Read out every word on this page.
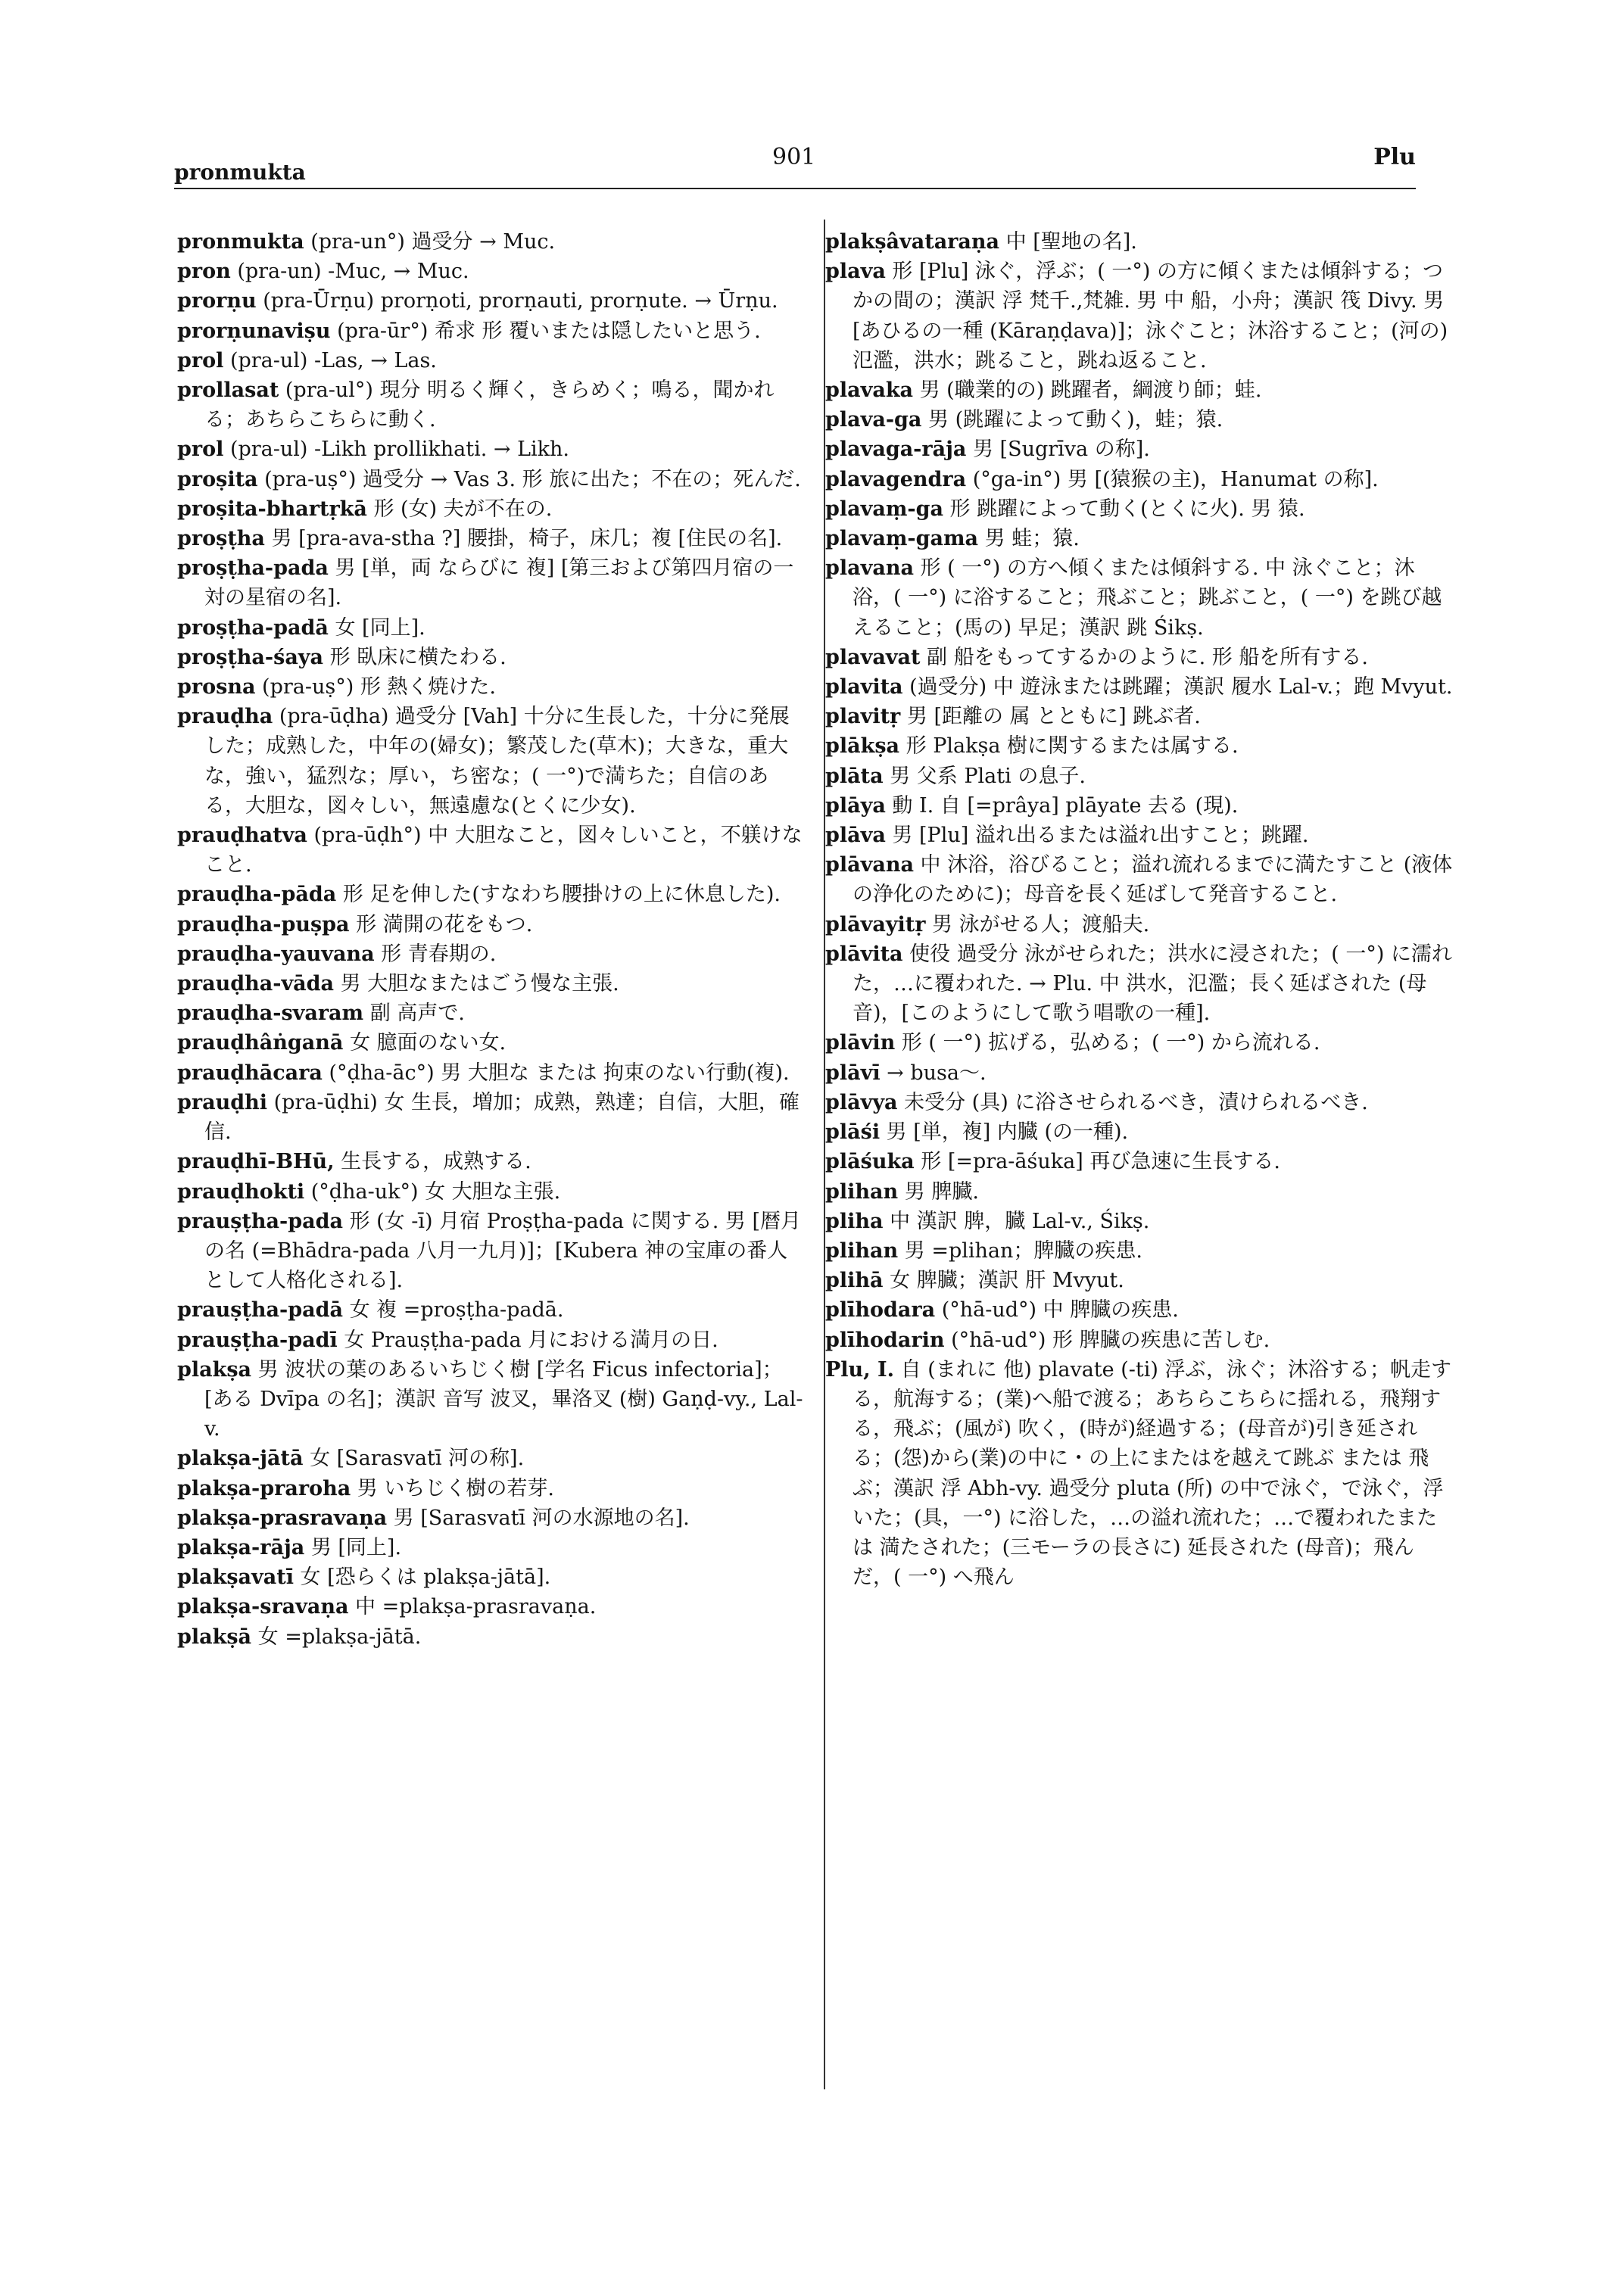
pronmukta
901	Plu

pronmukta (pra-un°) 過受分 → Muc.

pron (pra-un) -Muc, → Muc.

prorṇu (pra-Ūrṇu) prorṇoti, prorṇauti, prorṇute. → Ūrṇu.

prorṇunaviṣu (pra-ūr°) 希求 形 覆いまたは隠したいと思う.

prol (pra-ul) -Las, → Las.

prollasat (pra-ul°) 現分 明るく輝く，きらめく；鳴る，聞かれる；あちらこちらに動く.

prol (pra-ul) -Likh prollikhati. → Likh.

proṣita (pra-uṣ°) 過受分 → Vas 3. 形 旅に出た；不在の；死んだ.

proṣita-bhartṛkā 形 (女) 夫が不在の.

proṣṭha 男 [pra-ava-stha ?] 腰掛，椅子，床几；複 [住民の名].

proṣṭha-pada 男 [単，両 ならびに 複] [第三および第四月宿の一対の星宿の名].

proṣṭha-padā 女 [同上].

proṣṭha-śaya 形 臥床に横たわる.

prosna (pra-uṣ°) 形 熱く焼けた.

prauḍha (pra-ūḍha) 過受分 [Vah] 十分に生長した，十分に発展した；成熟した，中年の(婦女)；繁茂した(草木)；大きな，重大な，強い，猛烈な；厚い，ち密な；( 一°)で満ちた；自信のある，大胆な，図々しい，無遠慮な(とくに少女).

prauḍhatva (pra-ūḍh°) 中 大胆なこと，図々しいこと，不躾けなこと.

prauḍha-pāda 形 足を伸した(すなわち腰掛けの上に休息した).

prauḍha-puṣpa 形 満開の花をもつ.

prauḍha-yauvana 形 青春期の.

prauḍha-vāda 男 大胆なまたはごう慢な主張.

prauḍha-svaram 副 高声で.

prauḍhâṅganā 女 臆面のない女.

prauḍhācara (°ḍha-āc°) 男 大胆な または 拘束のない行動(複).

prauḍhi (pra-ūḍhi) 女 生長，増加；成熟，熟達；自信，大胆，確信.

prauḍhī-BHū, 生長する，成熟する.

prauḍhokti (°ḍha-uk°) 女 大胆な主張.

prauṣṭha-pada 形 (女 -ī) 月宿 Proṣṭha-pada に関する. 男 [暦月の名 (=Bhādra-pada 八月一九月)]；[Kubera 神の宝庫の番人として人格化される].

prauṣṭha-padā 女 複 =proṣṭha-padā.

prauṣṭha-padī 女 Prauṣṭha-pada 月における満月の日.

plakṣa 男 波状の葉のあるいちじく樹 [学名 Ficus infectoria]；[ある Dvīpa の名]；漢訳 音写 波叉，畢洛叉 (樹) Gaṇḍ-vy., Lal-v.

plakṣa-jātā 女 [Sarasvatī 河の称].

plakṣa-praroha 男 いちじく樹の若芽.

plakṣa-prasravaṇa 男 [Sarasvatī 河の水源地の名].

plakṣa-rāja 男 [同上].

plakṣavatī 女 [恐らくは plakṣa-jātā].

plakṣa-sravaṇa 中 =plakṣa-prasravaṇa.

plakṣā 女 =plakṣa-jātā.

plakṣâvataraṇa 中 [聖地の名].

plava 形 [Plu] 泳ぐ，浮ぶ；( 一°) の方に傾くまたは傾斜する；つかの間の；漢訳 浮 梵千.,梵雑. 男 中 船，小舟；漢訳 筏 Divy. 男 [あひるの一種 (Kāraṇḍava)]；泳ぐこと；沐浴すること；(河の)氾濫，洪水；跳ること，跳ね返ること.

plavaka 男 (職業的の) 跳躍者，綱渡り師；蛙.

plava-ga 男 (跳躍によって動く)，蛙；猿.

plavaga-rāja 男 [Sugrīva の称].

plavagendra (°ga-in°) 男 [(猿猴の主)，Hanumat の称].

plavaṃ-ga 形 跳躍によって動く(とくに火). 男 猿.

plavaṃ-gama 男 蛙；猿.

plavana 形 ( 一°) の方へ傾くまたは傾斜する. 中 泳ぐこと；沐浴，( 一°) に浴すること；飛ぶこと；跳ぶこと，( 一°) を跳び越えること；(馬の) 早足；漢訳 跳 Śikṣ.

plavavat 副 船をもってするかのように. 形 船を所有する.

plavita (過受分) 中 遊泳または跳躍；漢訳 履水 Lal-v.；跑 Mvyut.

plavitṛ 男 [距離の 属 とともに] 跳ぶ者.

plākṣa 形 Plakṣa 樹に関するまたは属する.

plāta 男 父系 Plati の息子.

plāya 動 I. 自 [=prâya] plāyate 去る (現).

plāva 男 [Plu] 溢れ出るまたは溢れ出すこと；跳躍.

plāvana 中 沐浴，浴びること；溢れ流れるまでに満たすこと (液体の浄化のために)；母音を長く延ばして発音すること.

plāvayitṛ 男 泳がせる人；渡船夫.

plāvita 使役 過受分 泳がせられた；洪水に浸された；( 一°) に濡れた，…に覆われた. → Plu. 中 洪水，氾濫；長く延ばされた (母音)，[このようにして歌う唱歌の一種].

plāvin 形 ( 一°) 拡げる，弘める；( 一°) から流れる.

plāvī → busa～.

plāvya 未受分 (具) に浴させられるべき，漬けられるべき.

plāśi 男 [単，複] 内臓 (の一種).

plāśuka 形 [=pra-āśuka] 再び急速に生長する.

plihan 男 脾臓.

pliha 中 漢訳 脾，臓 Lal-v., Śikṣ.

plihan 男 =plihan；脾臓の疾患.

plihā 女 脾臓；漢訳 肝 Mvyut.

plīhodara (°hā-ud°) 中 脾臓の疾患.

plīhodarin (°hā-ud°) 形 脾臓の疾患に苦しむ.

Plu, I. 自 (まれに 他) plavate (-ti) 浮ぶ，泳ぐ；沐浴する；帆走する，航海する；(業)へ船で渡る；あちらこちらに揺れる，飛翔する，飛ぶ；(風が) 吹く，(時が)経過する；(母音が)引き延される；(怨)から(業)の中に・の上にまたはを越えて跳ぶ または 飛ぶ；漢訳 浮 Abh-vy. 過受分 pluta (所) の中で泳ぐ，で泳ぐ，浮いた；(具，一°) に浴した，…の溢れ流れた；…で覆われたまたは 満たされた；(三モーラの長さに) 延長された (母音)；飛んだ，( 一°) へ飛ん
